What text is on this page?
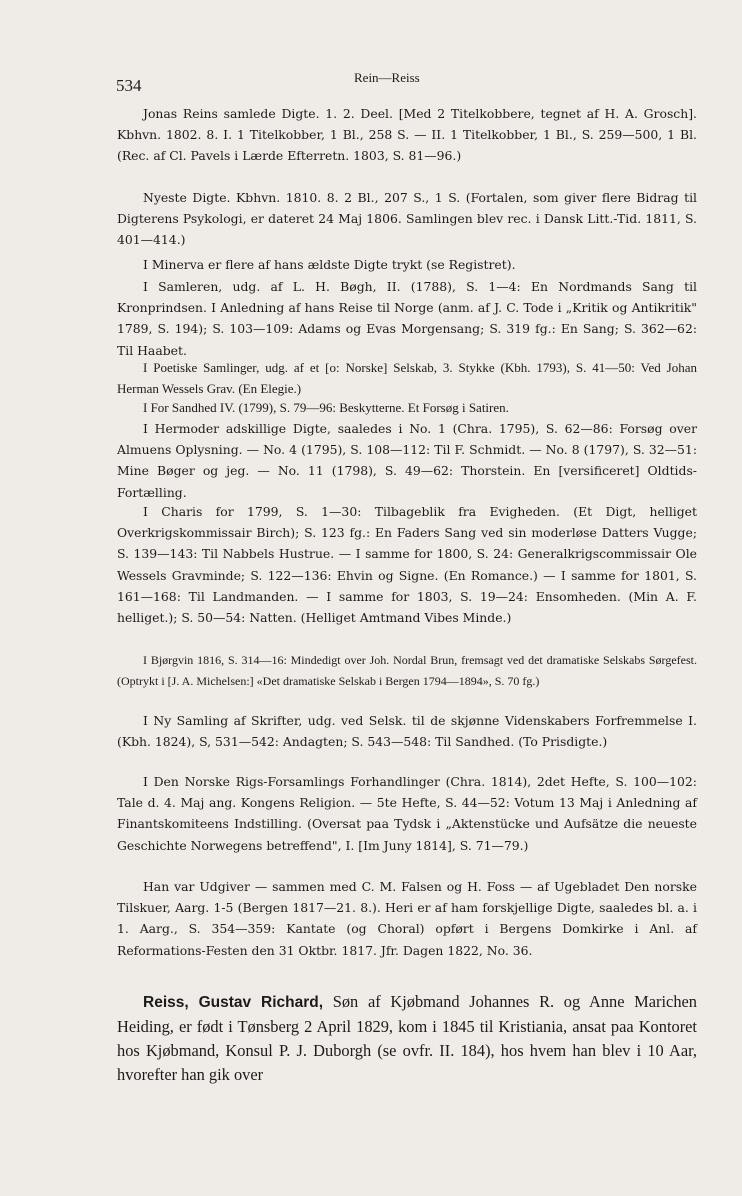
534	Rein—Reiss

Jonas Reins samlede Digte. 1. 2. Deel. [Med 2 Titelkobbere, tegnet af H. A. Grosch]. Kbhvn. 1802. 8. I. 1 Titelkobber, 1 Bl., 258 S. — II. 1 Titelkobber, 1 Bl., S. 259—500, 1 Bl. (Rec. af Cl. Pavels i Lærde Efterretn. 1803, S. 81—96.)

Nyeste Digte. Kbhvn. 1810. 8. 2 Bl., 207 S., 1 S. (Fortalen, som giver flere Bidrag til Digterens Psykologi, er dateret 24 Maj 1806. Samlingen blev rec. i Dansk Litt.-Tid. 1811, S. 401—414.)

I Minerva er flere af hans ældste Digte trykt (se Registret).

I Samleren, udg. af L. H. Bøgh, II. (1788), S. 1—4: En Nordmands Sang til Kronprindsen. I Anledning af hans Reise til Norge (anm. af J. C. Tode i „Kritik og Antikritik" 1789, S. 194); S. 103—109: Adams og Evas Morgensang; S. 319 fg.: En Sang; S. 362—62: Til Haabet.

I Poetiske Samlinger, udg. af et [o: Norske] Selskab, 3. Stykke (Kbh. 1793), S. 41—50: Ved Johan Herman Wessels Grav. (En Elegie.)

I For Sandhed IV. (1799), S. 79—96: Beskytterne. Et Forsøg i Satiren.

I Hermoder adskillige Digte, saaledes i No. 1 (Chra. 1795), S. 62—86: Forsøg over Almuens Oplysning. — No. 4 (1795), S. 108—112: Til F. Schmidt. — No. 8 (1797), S. 32—51: Mine Bøger og jeg. — No. 11 (1798), S. 49—62: Thorstein. En [versificeret] Oldtids-Fortælling.

I Charis for 1799, S. 1—30: Tilbageblik fra Evigheden. (Et Digt, helliget Overkrigskommissair Birch); S. 123 fg.: En Faders Sang ved sin moderløse Datters Vugge; S. 139—143: Til Nabbels Hustrue. — I samme for 1800, S. 24: Generalkrigscommissair Ole Wessels Gravminde; S. 122—136: Ehvin og Signe. (En Romance.) — I samme for 1801, S. 161—168: Til Landmanden. — I samme for 1803, S. 19—24: Ensomheden. (Min A. F. helliget.); S. 50—54: Natten. (Helliget Amtmand Vibes Minde.)

I Bjørgvin 1816, S. 314—16: Mindedigt over Joh. Nordal Brun, fremsagt ved det dramatiske Selskabs Sørgefest. (Optrykt i [J. A. Michelsen:] «Det dramatiske Selskab i Bergen 1794—1894», S. 70 fg.)

I Ny Samling af Skrifter, udg. ved Selsk. til de skjønne Videnskabers Forfremmelse I. (Kbh. 1824), S, 531—542: Andagten; S. 543—548: Til Sandhed. (To Prisdigte.)

I Den Norske Rigs-Forsamlings Forhandlinger (Chra. 1814), 2det Hefte, S. 100—102: Tale d. 4. Maj ang. Kongens Religion. — 5te Hefte, S. 44—52: Votum 13 Maj i Anledning af Finantskomiteens Indstilling. (Oversat paa Tydsk i „Aktenstücke und Aufsätze die neueste Geschichte Norwegens betreffend", I. [Im Juny 1814], S. 71—79.)

Han var Udgiver — sammen med C. M. Falsen og H. Foss — af Ugebladet Den norske Tilskuer, Aarg. 1-5 (Bergen 1817—21. 8.). Heri er af ham forskjellige Digte, saaledes bl. a. i 1. Aarg., S. 354—359: Kantate (og Choral) opført i Bergens Domkirke i Anl. af Reformations-Festen den 31 Oktbr. 1817. Jfr. Dagen 1822, No. 36.

Reiss, Gustav Richard, Søn af Kjøbmand Johannes R. og Anne Marichen Heiding, er født i Tønsberg 2 April 1829, kom i 1845 til Kristiania, ansat paa Kontoret hos Kjøbmand, Konsul P. J. Duborgh (se ovfr. II. 184), hos hvem han blev i 10 Aar, hvorefter han gik over
